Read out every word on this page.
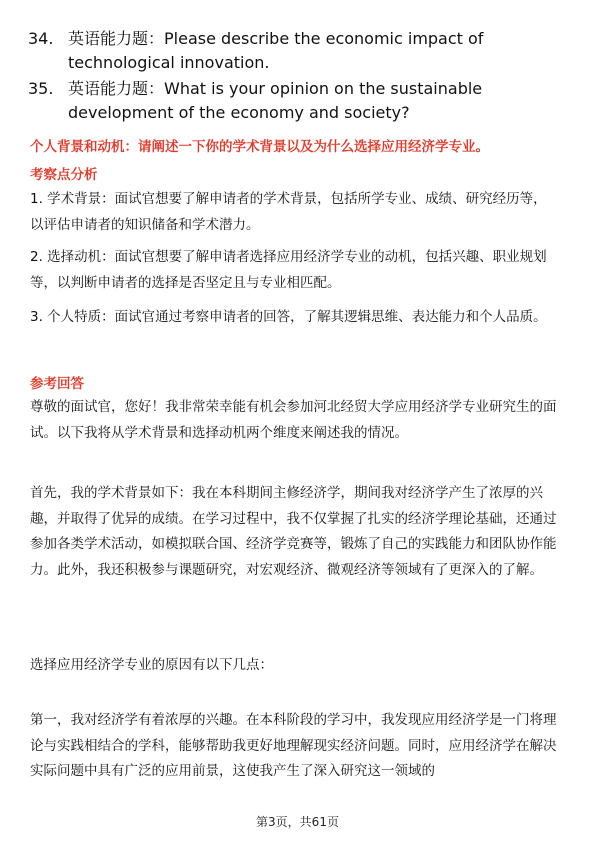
34. 英语能力题：Please describe the economic impact of technological innovation.
35. 英语能力题：What is your opinion on the sustainable development of the economy and society?
个人背景和动机：请阐述一下你的学术背景以及为什么选择应用经济学专业。
考察点分析
1. 学术背景：面试官想要了解申请者的学术背景，包括所学专业、成绩、研究经历等，以评估申请者的知识储备和学术潜力。
2. 选择动机：面试官想要了解申请者选择应用经济学专业的动机，包括兴趣、职业规划等，以判断申请者的选择是否坚定且与专业相匹配。
3. 个人特质：面试官通过考察申请者的回答，了解其逻辑思维、表达能力和个人品质。
参考回答
尊敬的面试官，您好！我非常荣幸能有机会参加河北经贸大学应用经济学专业研究生的面试。以下我将从学术背景和选择动机两个维度来阐述我的情况。
首先，我的学术背景如下：我在本科期间主修经济学，期间我对经济学产生了浓厚的兴趣，并取得了优异的成绩。在学习过程中，我不仅掌握了扎实的经济学理论基础，还通过参加各类学术活动，如模拟联合国、经济学竞赛等，锻炼了自己的实践能力和团队协作能力。此外，我还积极参与课题研究，对宏观经济、微观经济等领域有了更深入的了解。
选择应用经济学专业的原因有以下几点：
第一，我对经济学有着浓厚的兴趣。在本科阶段的学习中，我发现应用经济学是一门将理论与实践相结合的学科，能够帮助我更好地理解现实经济问题。同时，应用经济学在解决实际问题中具有广泛的应用前景，这使我产生了深入研究这一领域的
第3页，共61页
